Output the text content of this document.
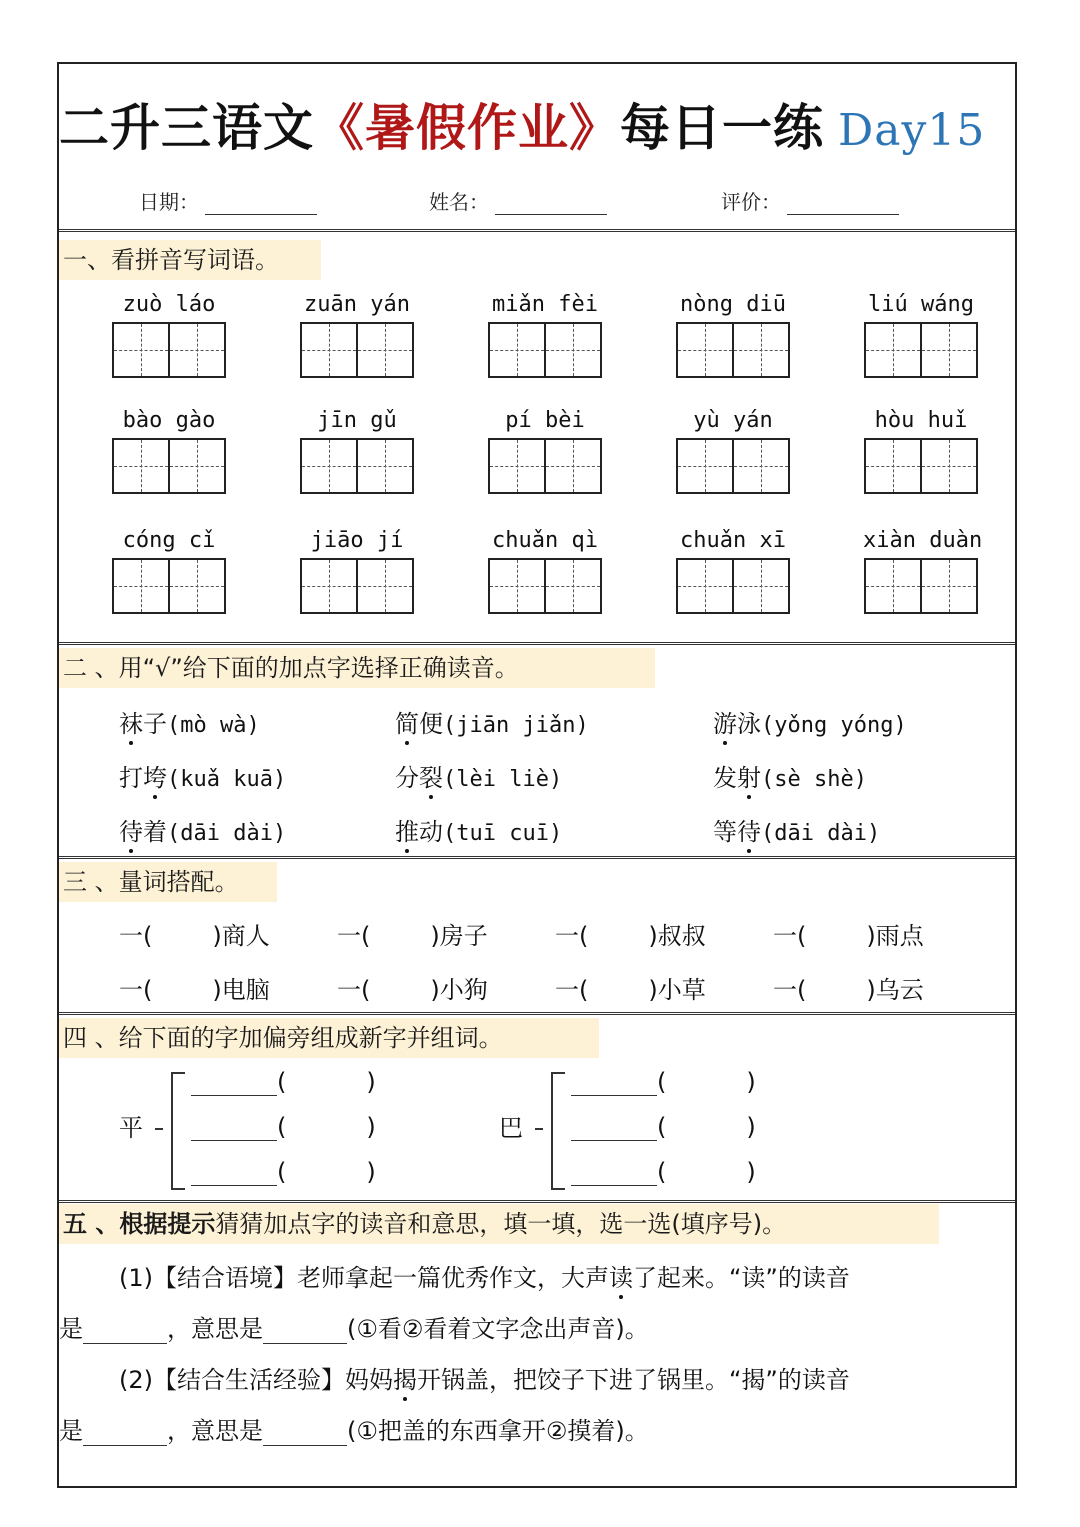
二升三语文《暑假作业》每日一练 Day15
日期：	姓名：	评价：
一、看拼音写词语。
zuò láo	zuān yán	miǎn fèi	nòng diū	liú wáng
bào gào	jīn gǔ	pí bèi	yù yán	hòu huǐ
cóng cǐ	jiāo jí	chuǎn qì	chuǎn xī	xiàn duàn
二 、用“√”给下面的加点字选择正确读音。
袜子(mò wà)	简便(jiān jiǎn)	游泳(yǒng yóng)
打垮(kuǎ kuā)	分裂(lèi liè)	发射(sè shè)
待着(dāi dài)	推动(tuī cuī)	等待(dāi dài)
三 、量词搭配。
一(	)商人	一(	)房子	一(	)叔叔	一(	)雨点
一(	)电脑	一(	)小狗	一(	)小草	一(	)乌云
四 、给下面的字加偏旁组成新字并组词。
平
(	)
(	)
(	)
巴
(	)
(	)
(	)
五 、根据提示猜猜加点字的读音和意思，填一填，选一选(填序号)。
(1)【结合语境】老师拿起一篇优秀作文，大声读了起来。“读”的读音
是	，意思是	(①看②看着文字念出声音)。
(2)【结合生活经验】妈妈揭开锅盖，把饺子下进了锅里。“揭”的读音
是	，意思是	(①把盖的东西拿开②摸着)。
